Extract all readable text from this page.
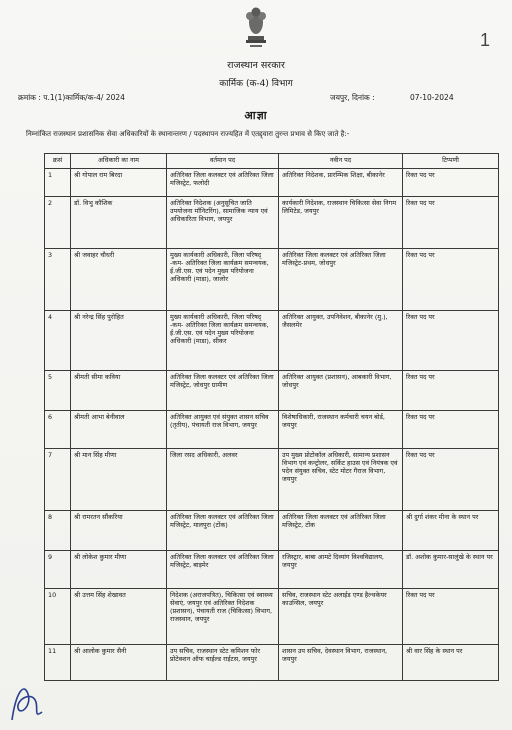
1
राजस्थान सरकार
कार्मिक (क-4) विभाग
क्रमांक : प.1(1)कार्मिक/क-4/ 2024	जयपुर, दिनांक :	07-10-2024
आज्ञा
निम्नांकित राजस्थान प्रशासनिक सेवा अधिकारियों के स्थानान्तरण / पदस्थापन राज्यहित में एतद्द्वारा तुरन्त प्रभाव से किए जाते है:-
क्रसं	अधिकारी का नाम	वर्तमान पद	नवीन पद	टिप्पणी
1	श्री गोपाल राम बिरदा	अतिरिक्त जिला कलक्टर एवं अतिरिक्त जिला मजिस्ट्रेट, फलोदी	अतिरिक्त निदेशक, प्रारम्भिक शिक्षा, बीकानेर	रिक्त पद पर
2	डॉ. विभु कौशिक	अतिरिक्त निदेशक (अनुसूचित जाति उपयोजना मॉनिटरिंग), सामाजिक न्याय एवं अधिकारिता विभाग, जयपुर	कार्यकारी निदेशक, राजस्थान चिकित्सा सेवा निगम लिमिटेड, जयपुर	रिक्त पद पर
3	श्री जवाहर चौधरी	मुख्य कार्यकारी अधिकारी, जिला परिषद् -कम- अतिरिक्त जिला कार्यक्रम समन्वयक, ई.जी.एस. एवं पदेन मुख्य परियोजना अधिकारी (माडा), जालोर	अतिरिक्त जिला कलक्टर एवं अतिरिक्त जिला मजिस्ट्रेट-प्रथम, जोधपुर	रिक्त पद पर
4	श्री नरेन्द्र सिंह पुरोहित	मुख्य कार्यकारी अधिकारी, जिला परिषद् -कम- अतिरिक्त जिला कार्यक्रम समन्वयक, ई.जी.एस. एवं पदेन मुख्य परियोजना अधिकारी (माडा), सीकर	अतिरिक्त आयुक्त, उपनिवेशन, बीकानेर (मु.), जैसलमेर	रिक्त पद पर
5	श्रीमती सीमा कविया	अतिरिक्त जिला कलक्टर एवं अतिरिक्त जिला मजिस्ट्रेट, जोधपुर ग्रामीण	अतिरिक्त आयुक्त (प्रशासन), आबकारी विभाग, जोधपुर	रिक्त पद पर
6	श्रीमती आभा बेनीवाल	अतिरिक्त आयुक्त एवं संयुक्त शासन सचिव (तृतीय), पंचायती राज विभाग, जयपुर	विशेषाधिकारी, राजस्थान कर्मचारी चयन बोर्ड, जयपुर	रिक्त पद पर
7	श्री मान सिंह मीणा	जिला रसद अधिकारी, अलवर	उप मुख्य प्रोटोकॉल अधिकारी, सामान्य प्रशासन विभाग एवं कन्ट्रोलर, सर्किट हाउस एवं नियंत्रक एवं पदेन संयुक्त सचिव, स्टेट मोटर गैराज विभाग, जयपुर	रिक्त पद पर
8	श्री रामरतन सौंकरिया	अतिरिक्त जिला कलक्टर एवं अतिरिक्त जिला मजिस्ट्रेट, मालपुरा (टोंक)	अतिरिक्त जिला कलक्टर एवं अतिरिक्त जिला मजिस्ट्रेट, टोंक	श्री दुर्गा शंकर मीना के स्थान पर
9	श्री लोकेश कुमार मीणा	अतिरिक्त जिला कलक्टर एवं अतिरिक्त जिला मजिस्ट्रेट, बाड़मेर	रजिस्ट्रार, बाबा आमटे दिव्यांग विश्वविद्यालय, जयपुर	डॉ. अशोक कुमार-सालुंखे के स्थान पर
10	श्री उत्तम सिंह शेखावत	निदेशक (अराजपत्रित), चिकित्सा एवं स्वास्थ्य सेवाएं, जयपुर एवं अतिरिक्त निदेशक (प्रशासन), पंचायती राज (चिकित्सा) विभाग, राजस्थान, जयपुर	सचिव, राजस्थान स्टेट अलाईड एण्ड हैल्थकेयर काउन्सिल, जयपुर	रिक्त पद पर
11	श्री आलोक कुमार सैनी	उप सचिव, राजस्थान स्टेट कमिशन फोर प्रोटेक्शन ऑफ चाईल्ड राईटस, जयपुर	शासन उप सचिव, देवस्थान विभाग, राजस्थान, जयपुर	श्री वार सिंह के स्थान पर
